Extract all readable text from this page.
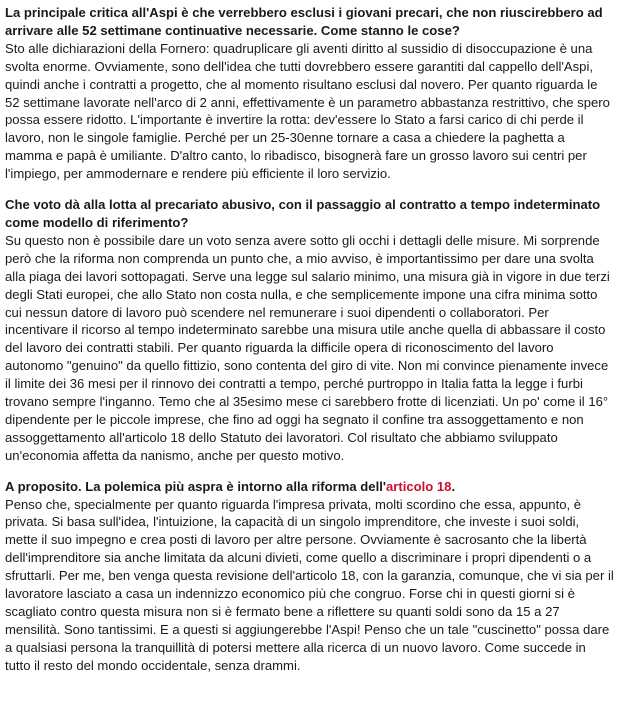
La principale critica all'Aspi è che verrebbero esclusi i giovani precari, che non riuscirebbero ad arrivare alle 52 settimane continuative necessarie. Come stanno le cose?

Sto alle dichiarazioni della Fornero: quadruplicare gli aventi diritto al sussidio di disoccupazione è una svolta enorme. Ovviamente, sono dell'idea che tutti dovrebbero essere garantiti dal cappello dell'Aspi, quindi anche i contratti a progetto, che al momento risultano esclusi dal novero. Per quanto riguarda le 52 settimane lavorate nell'arco di 2 anni, effettivamente è un parametro abbastanza restrittivo, che spero possa essere ridotto. L'importante è invertire la rotta: dev'essere lo Stato a farsi carico di chi perde il lavoro, non le singole famiglie. Perché per un 25-30enne tornare a casa a chiedere la paghetta a mamma e papà è umiliante. D'altro canto, lo ribadisco, bisognerà fare un grosso lavoro sui centri per l'impiego, per ammodernare e rendere più efficiente il loro servizio.

Che voto dà alla lotta al precariato abusivo, con il passaggio al contratto a tempo indeterminato come modello di riferimento?

Su questo non è possibile dare un voto senza avere sotto gli occhi i dettagli delle misure. Mi sorprende però che la riforma non comprenda un punto che, a mio avviso, è importantissimo per dare una svolta alla piaga dei lavori sottopagati. Serve una legge sul salario minimo, una misura già in vigore in due terzi degli Stati europei, che allo Stato non costa nulla, e che semplicemente impone una cifra minima sotto cui nessun datore di lavoro può scendere nel remunerare i suoi dipendenti o collaboratori. Per incentivare il ricorso al tempo indeterminato sarebbe una misura utile anche quella di abbassare il costo del lavoro dei contratti stabili. Per quanto riguarda la difficile opera di riconoscimento del lavoro autonomo "genuino" da quello fittizio, sono contenta del giro di vite. Non mi convince pienamente invece il limite dei 36 mesi per il rinnovo dei contratti a tempo, perché purtroppo in Italia fatta la legge i furbi trovano sempre l'inganno. Temo che al 35esimo mese ci sarebbero frotte di licenziati. Un po' come il 16° dipendente per le piccole imprese, che fino ad oggi ha segnato il confine tra assoggettamento e non assoggettamento all'articolo 18 dello Statuto dei lavoratori. Col risultato che abbiamo sviluppato un'economia affetta da nanismo, anche per questo motivo.

A proposito. La polemica più aspra è intorno alla riforma dell'articolo 18.

Penso che, specialmente per quanto riguarda l'impresa privata, molti scordino che essa, appunto, è privata. Si basa sull'idea, l'intuizione, la capacità di un singolo imprenditore, che investe i suoi soldi, mette il suo impegno e crea posti di lavoro per altre persone. Ovviamente è sacrosanto che la libertà dell'imprenditore sia anche limitata da alcuni divieti, come quello a discriminare i propri dipendenti o a sfruttarli. Per me, ben venga questa revisione dell'articolo 18, con la garanzia, comunque, che vi sia per il lavoratore lasciato a casa un indennizzo economico più che congruo. Forse chi in questi giorni si è scagliato contro questa misura non si è fermato bene a riflettere su quanti soldi sono da 15 a 27 mensilità. Sono tantissimi. E a questi si aggiungerebbe l'Aspi! Penso che un tale "cuscinetto" possa dare a qualsiasi persona la tranquillità di potersi mettere alla ricerca di un nuovo lavoro. Come succede in tutto il resto del mondo occidentale, senza drammi.
